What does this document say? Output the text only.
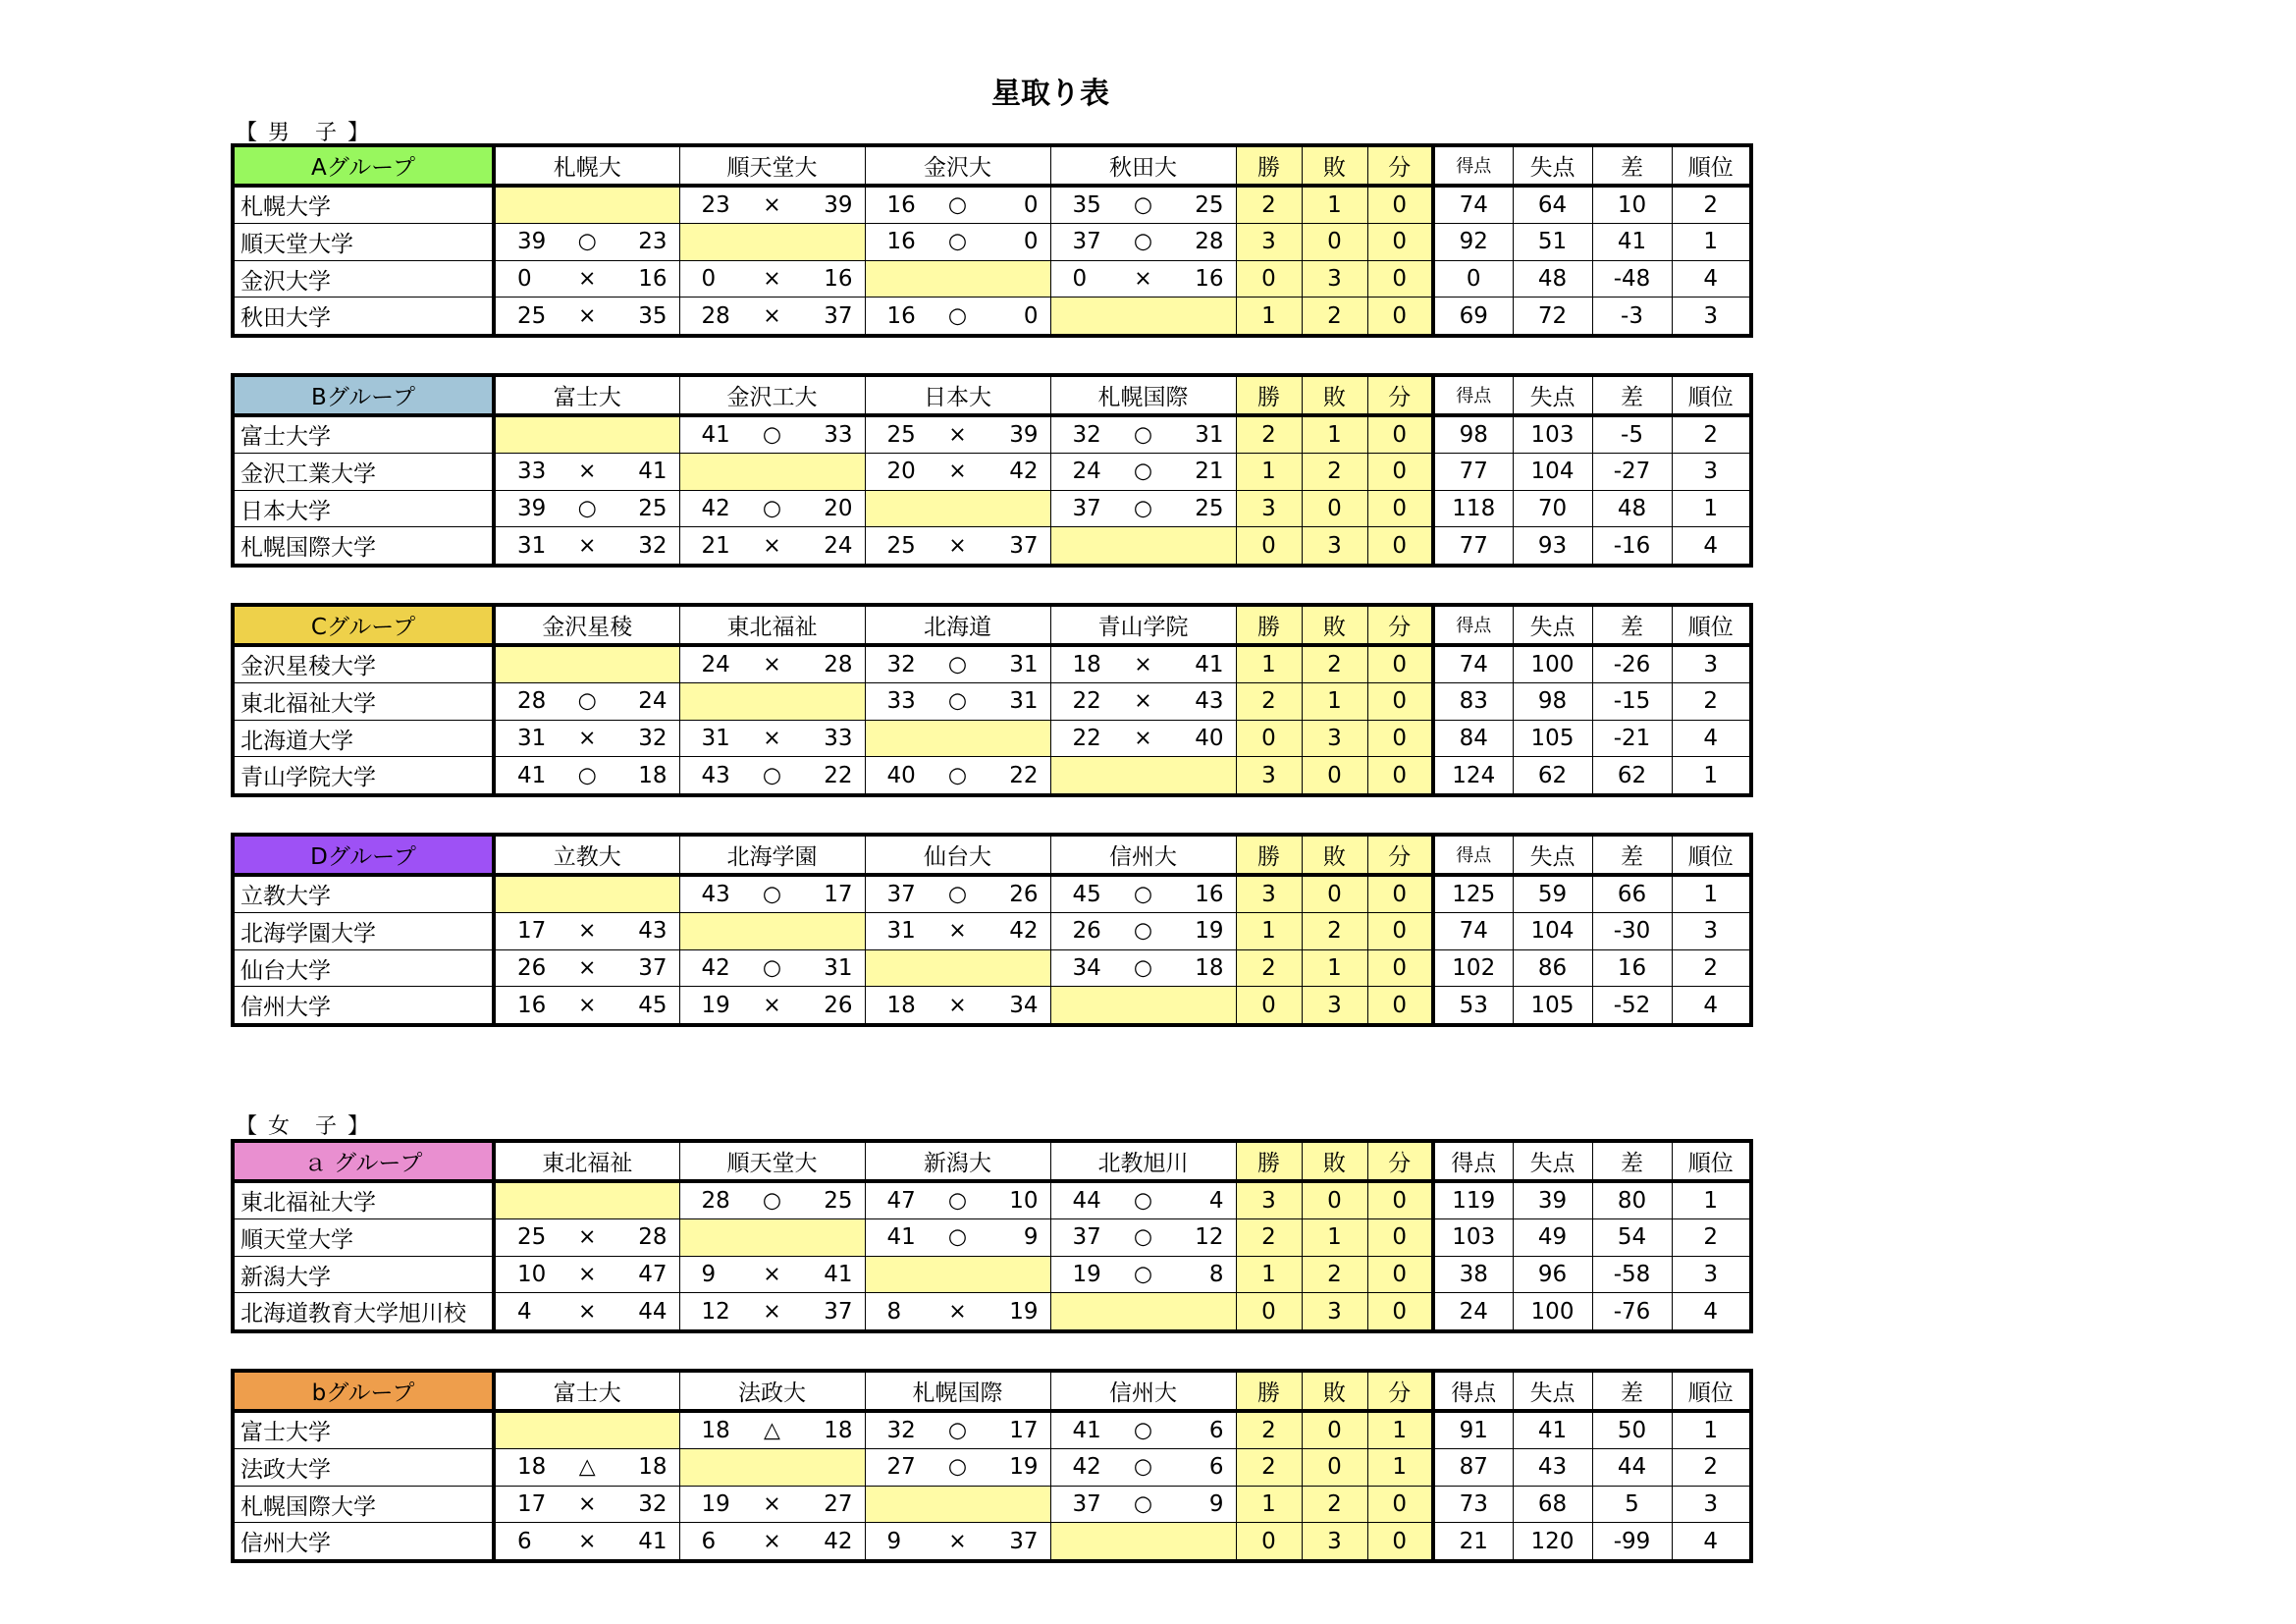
星取り表
【 男　子 】
Aグループ	札幌大	順天堂大	金沢大	秋田大	勝	敗	分	得点	失点	差	順位
札幌大学		23 × 39	16 ○ 0	35 ○ 25	2	1	0	74	64	10	2
順天堂大学	39 ○ 23		16 ○ 0	37 ○ 28	3	0	0	92	51	41	1
金沢大学	0 × 16	0 × 16		0 × 16	0	3	0	0	48	-48	4
秋田大学	25 × 35	28 × 37	16 ○ 0		1	2	0	69	72	-3	3
Bグループ	富士大	金沢工大	日本大	札幌国際	勝	敗	分	得点	失点	差	順位
富士大学		41 ○ 33	25 × 39	32 ○ 31	2	1	0	98	103	-5	2
金沢工業大学	33 × 41		20 × 42	24 ○ 21	1	2	0	77	104	-27	3
日本大学	39 ○ 25	42 ○ 20		37 ○ 25	3	0	0	118	70	48	1
札幌国際大学	31 × 32	21 × 24	25 × 37		0	3	0	77	93	-16	4
Cグループ	金沢星稜	東北福祉	北海道	青山学院	勝	敗	分	得点	失点	差	順位
金沢星稜大学		24 × 28	32 ○ 31	18 × 41	1	2	0	74	100	-26	3
東北福祉大学	28 ○ 24		33 ○ 31	22 × 43	2	1	0	83	98	-15	2
北海道大学	31 × 32	31 × 33		22 × 40	0	3	0	84	105	-21	4
青山学院大学	41 ○ 18	43 ○ 22	40 ○ 22		3	0	0	124	62	62	1
Dグループ	立教大	北海学園	仙台大	信州大	勝	敗	分	得点	失点	差	順位
立教大学		43 ○ 17	37 ○ 26	45 ○ 16	3	0	0	125	59	66	1
北海学園大学	17 × 43		31 × 42	26 ○ 19	1	2	0	74	104	-30	3
仙台大学	26 × 37	42 ○ 31		34 ○ 18	2	1	0	102	86	16	2
信州大学	16 × 45	19 × 26	18 × 34		0	3	0	53	105	-52	4
【 女　子 】
ａ グループ	東北福祉	順天堂大	新潟大	北教旭川	勝	敗	分	得点	失点	差	順位
東北福祉大学		28 ○ 25	47 ○ 10	44 ○ 4	3	0	0	119	39	80	1
順天堂大学	25 × 28		41 ○ 9	37 ○ 12	2	1	0	103	49	54	2
新潟大学	10 × 47	9 × 41		19 ○ 8	1	2	0	38	96	-58	3
北海道教育大学旭川校	4 × 44	12 × 37	8 × 19		0	3	0	24	100	-76	4
bグループ	富士大	法政大	札幌国際	信州大	勝	敗	分	得点	失点	差	順位
富士大学		18 △ 18	32 ○ 17	41 ○ 6	2	0	1	91	41	50	1
法政大学	18 △ 18		27 ○ 19	42 ○ 6	2	0	1	87	43	44	2
札幌国際大学	17 × 32	19 × 27		37 ○ 9	1	2	0	73	68	5	3
信州大学	6 × 41	6 × 42	9 × 37		0	3	0	21	120	-99	4
